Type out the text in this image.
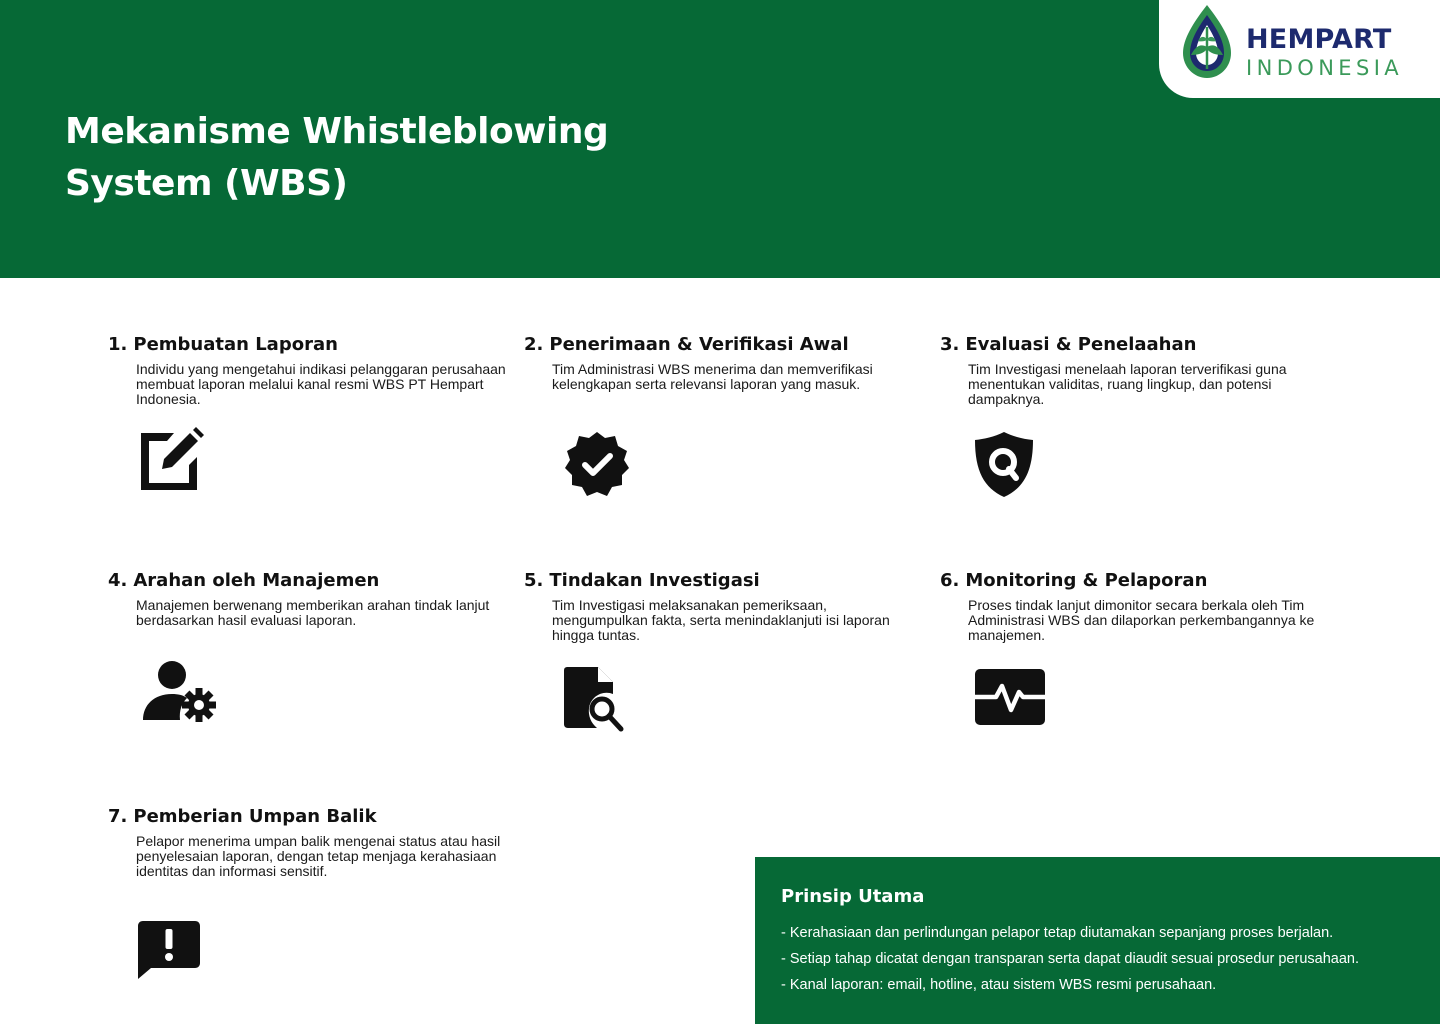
Mekanisme Whistleblowing
System (WBS)
HEMPART
INDONESIA
1. Pembuatan Laporan

Individu yang mengetahui indikasi pelanggaran perusahaan membuat laporan melalui kanal resmi WBS PT Hempart Indonesia.

2. Penerimaan & Verifikasi Awal

Tim Administrasi WBS menerima dan memverifikasi kelengkapan serta relevansi laporan yang masuk.

3. Evaluasi & Penelaahan

Tim Investigasi menelaah laporan terverifikasi guna menentukan validitas, ruang lingkup, dan potensi dampaknya.

4. Arahan oleh Manajemen

Manajemen berwenang memberikan arahan tindak lanjut berdasarkan hasil evaluasi laporan.

5. Tindakan Investigasi

Tim Investigasi melaksanakan pemeriksaan, mengumpulkan fakta, serta menindaklanjuti isi laporan hingga tuntas.

6. Monitoring & Pelaporan

Proses tindak lanjut dimonitor secara berkala oleh Tim Administrasi WBS dan dilaporkan perkembangannya ke manajemen.

7. Pemberian Umpan Balik

Pelapor menerima umpan balik mengenai status atau hasil penyelesaian laporan, dengan tetap menjaga kerahasiaan identitas dan informasi sensitif.

Prinsip Utama
- Kerahasiaan dan perlindungan pelapor tetap diutamakan sepanjang proses berjalan.
- Setiap tahap dicatat dengan transparan serta dapat diaudit sesuai prosedur perusahaan.
- Kanal laporan: email, hotline, atau sistem WBS resmi perusahaan.
